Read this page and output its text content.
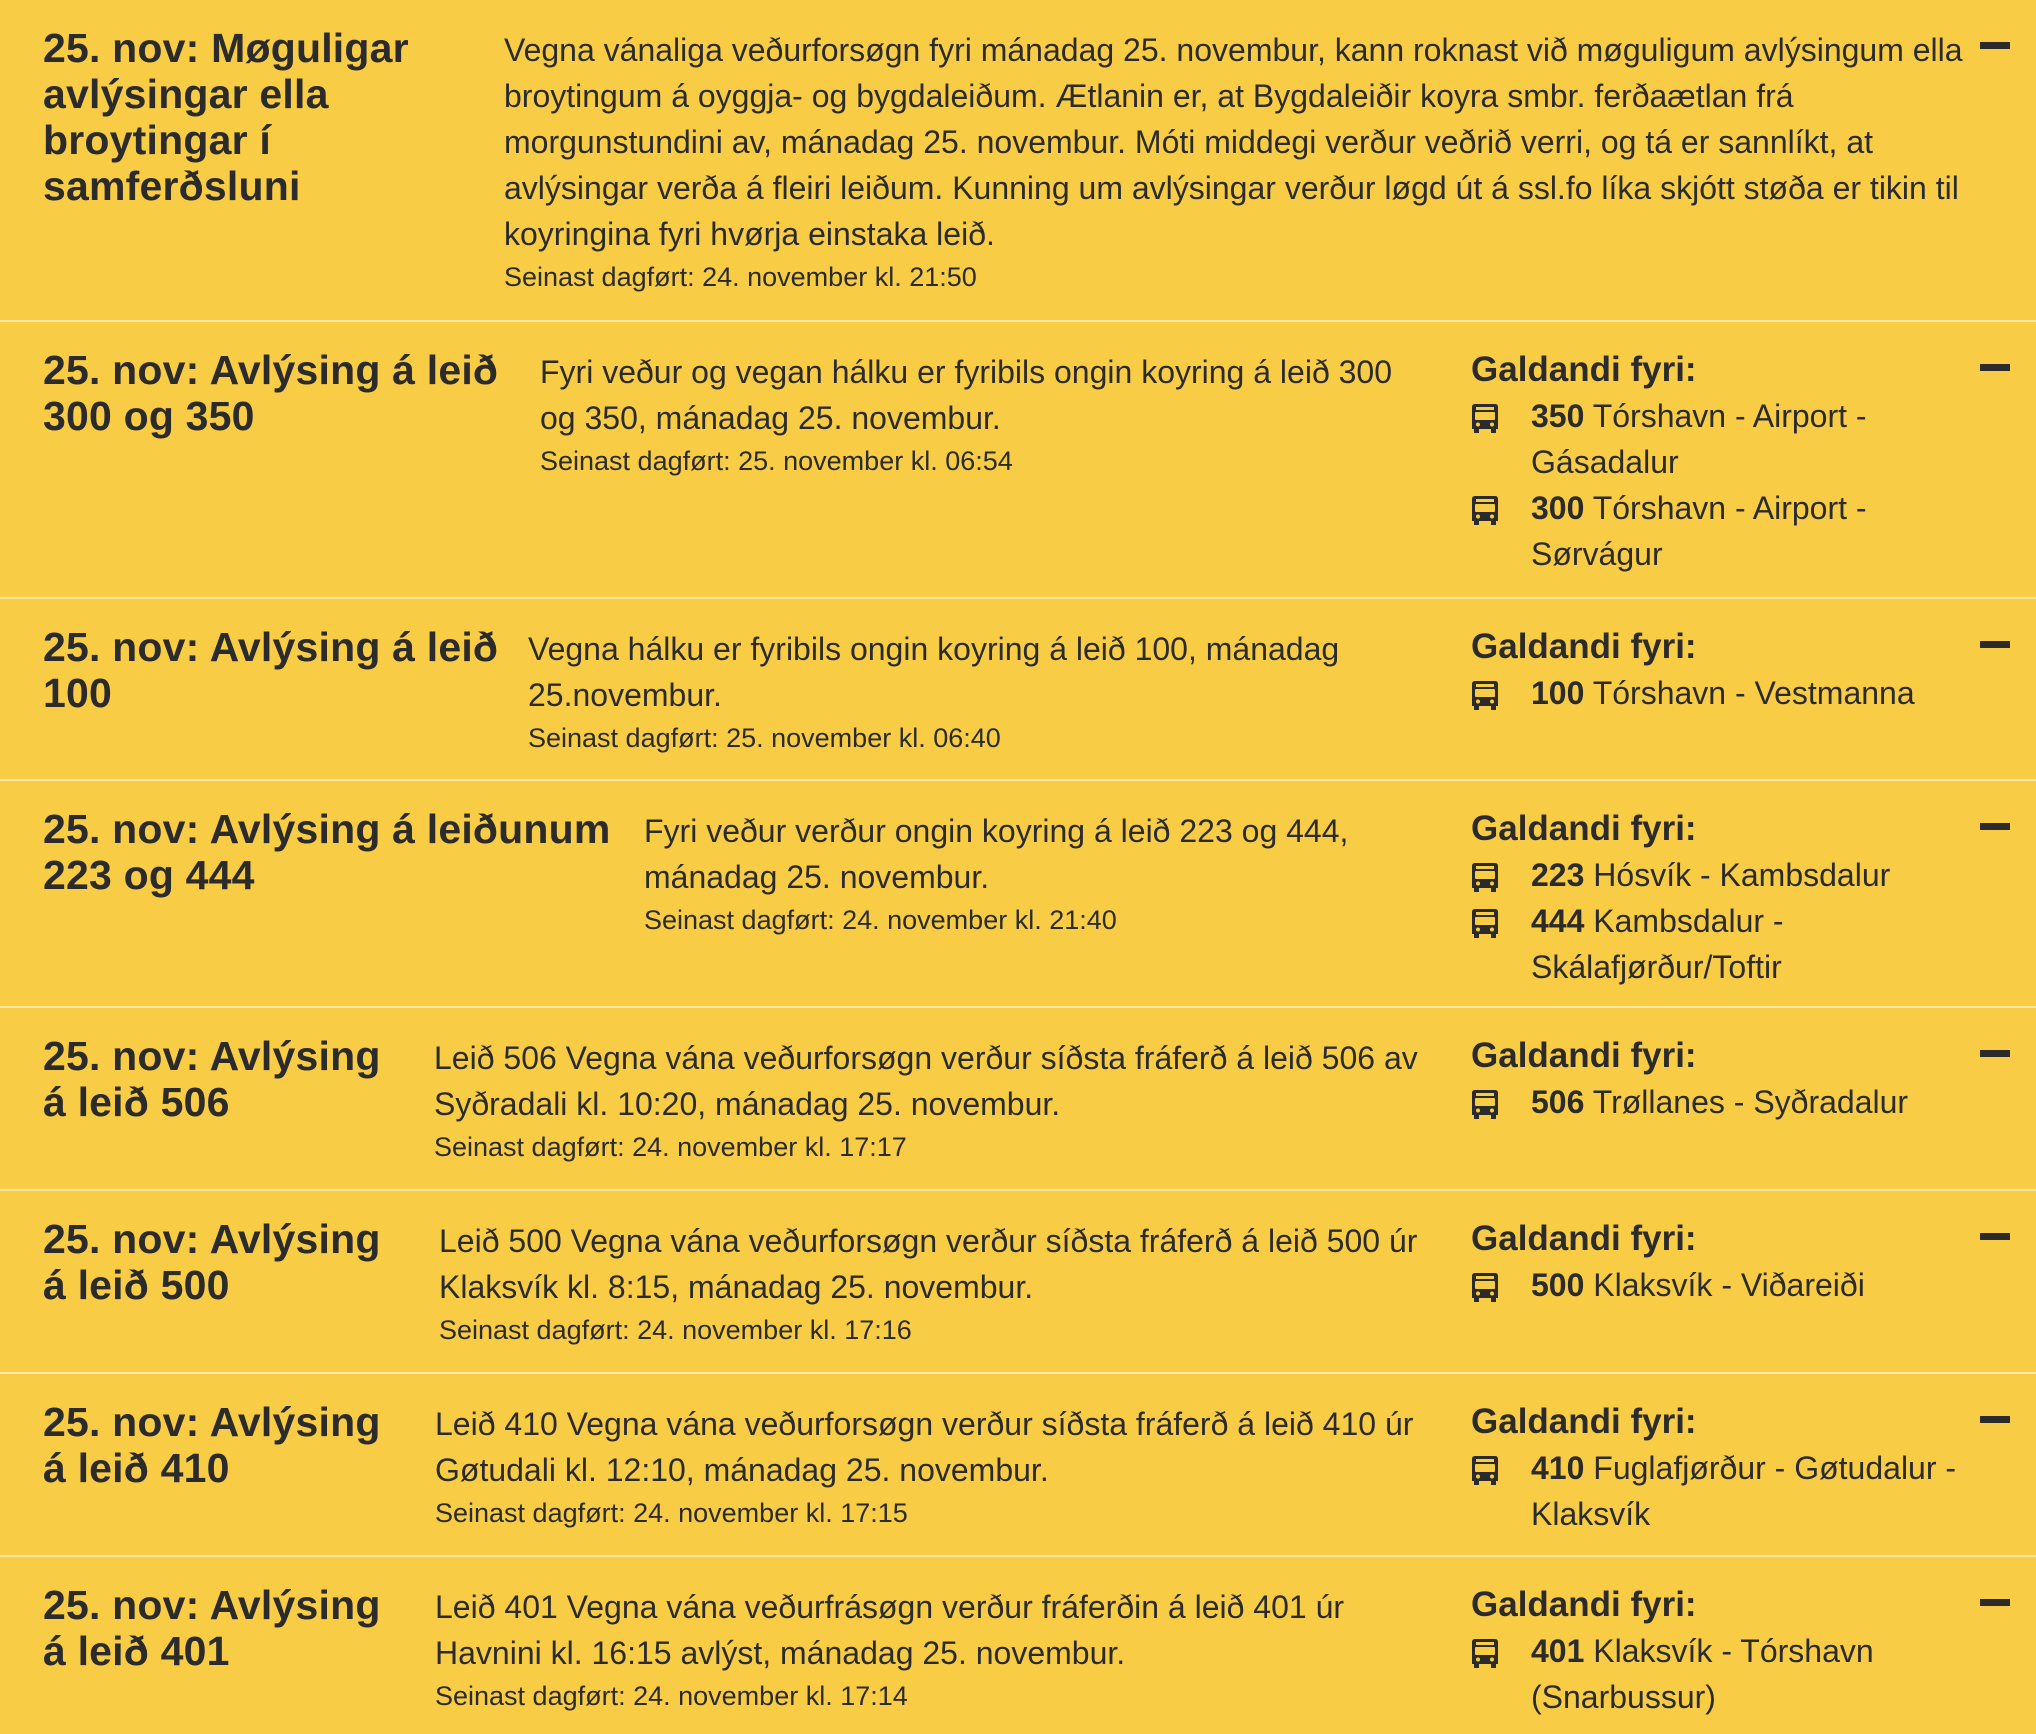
25. nov: Møguligar avlýsingar ella broytingar í samferðsluni
Vegna vánaliga veðurforsøgn fyri mánadag 25. novembur, kann roknast við møguligum avlýsingum ella broytingum á oyggja- og bygdaleiðum. Ætlanin er, at Bygdaleiðir koyra smbr. ferðaætlan frá morgunstundini av, mánadag 25. novembur. Móti middegi verður veðrið verri, og tá er sannlíkt, at avlýsingar verða á fleiri leiðum. Kunning um avlýsingar verður løgd út á ssl.fo líka skjótt støða er tikin til koyringina fyri hvørja einstaka leið.
Seinast dagført: 24. november kl. 21:50
25. nov: Avlýsing á leið 300 og 350
Fyri veður og vegan hálku er fyribils ongin koyring á leið 300 og 350, mánadag 25. novembur.
Seinast dagført: 25. november kl. 06:54
Galdandi fyri:
350 Tórshavn - Airport - Gásadalur
300 Tórshavn - Airport - Sørvágur
25. nov: Avlýsing á leið 100
Vegna hálku er fyribils ongin koyring á leið 100, mánadag 25.novembur.
Seinast dagført: 25. november kl. 06:40
Galdandi fyri:
100 Tórshavn - Vestmanna
25. nov: Avlýsing á leiðunum 223 og 444
Fyri veður verður ongin koyring á leið 223 og 444, mánadag 25. novembur.
Seinast dagført: 24. november kl. 21:40
Galdandi fyri:
223 Hósvík - Kambsdalur
444 Kambsdalur - Skálafjørður/Toftir
25. nov: Avlýsing á leið 506
Leið 506 Vegna vána veðurforsøgn verður síðsta fráferð á leið 506 av Syðradali kl. 10:20, mánadag 25. novembur.
Seinast dagført: 24. november kl. 17:17
Galdandi fyri:
506 Trøllanes - Syðradalur
25. nov: Avlýsing á leið 500
Leið 500 Vegna vána veðurforsøgn verður síðsta fráferð á leið 500 úr Klaksvík kl. 8:15, mánadag 25. novembur.
Seinast dagført: 24. november kl. 17:16
Galdandi fyri:
500 Klaksvík - Viðareiði
25. nov: Avlýsing á leið 410
Leið 410 Vegna vána veðurforsøgn verður síðsta fráferð á leið 410 úr Gøtudali kl. 12:10, mánadag 25. novembur.
Seinast dagført: 24. november kl. 17:15
Galdandi fyri:
410 Fuglafjørður - Gøtudalur - Klaksvík
25. nov: Avlýsing á leið 401
Leið 401 Vegna vána veðurfrásøgn verður fráferðin á leið 401 úr Havnini kl. 16:15 avlýst, mánadag 25. novembur.
Seinast dagført: 24. november kl. 17:14
Galdandi fyri:
401 Klaksvík - Tórshavn (Snarbussur)
